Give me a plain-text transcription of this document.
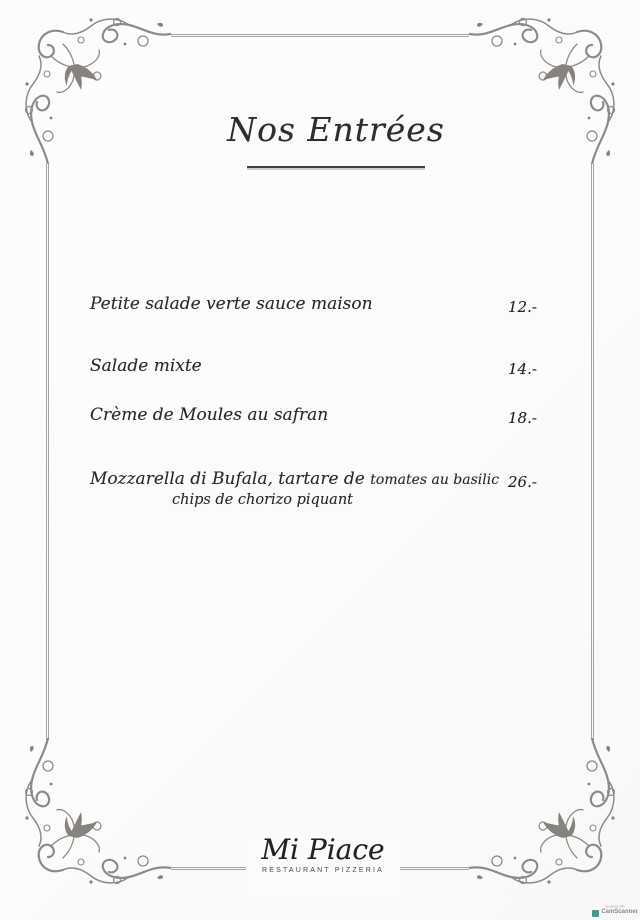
Nos Entrées
Petite salade verte sauce maison	12.-
Salade mixte	14.-
Crème de Moules au safran	18.-
Mozzarella di Bufala, tartare de tomates au basilic 26.-
chips de chorizo piquant
Mi Piace
RESTAURANT PIZZERIA
Scanned with
CamScanner
